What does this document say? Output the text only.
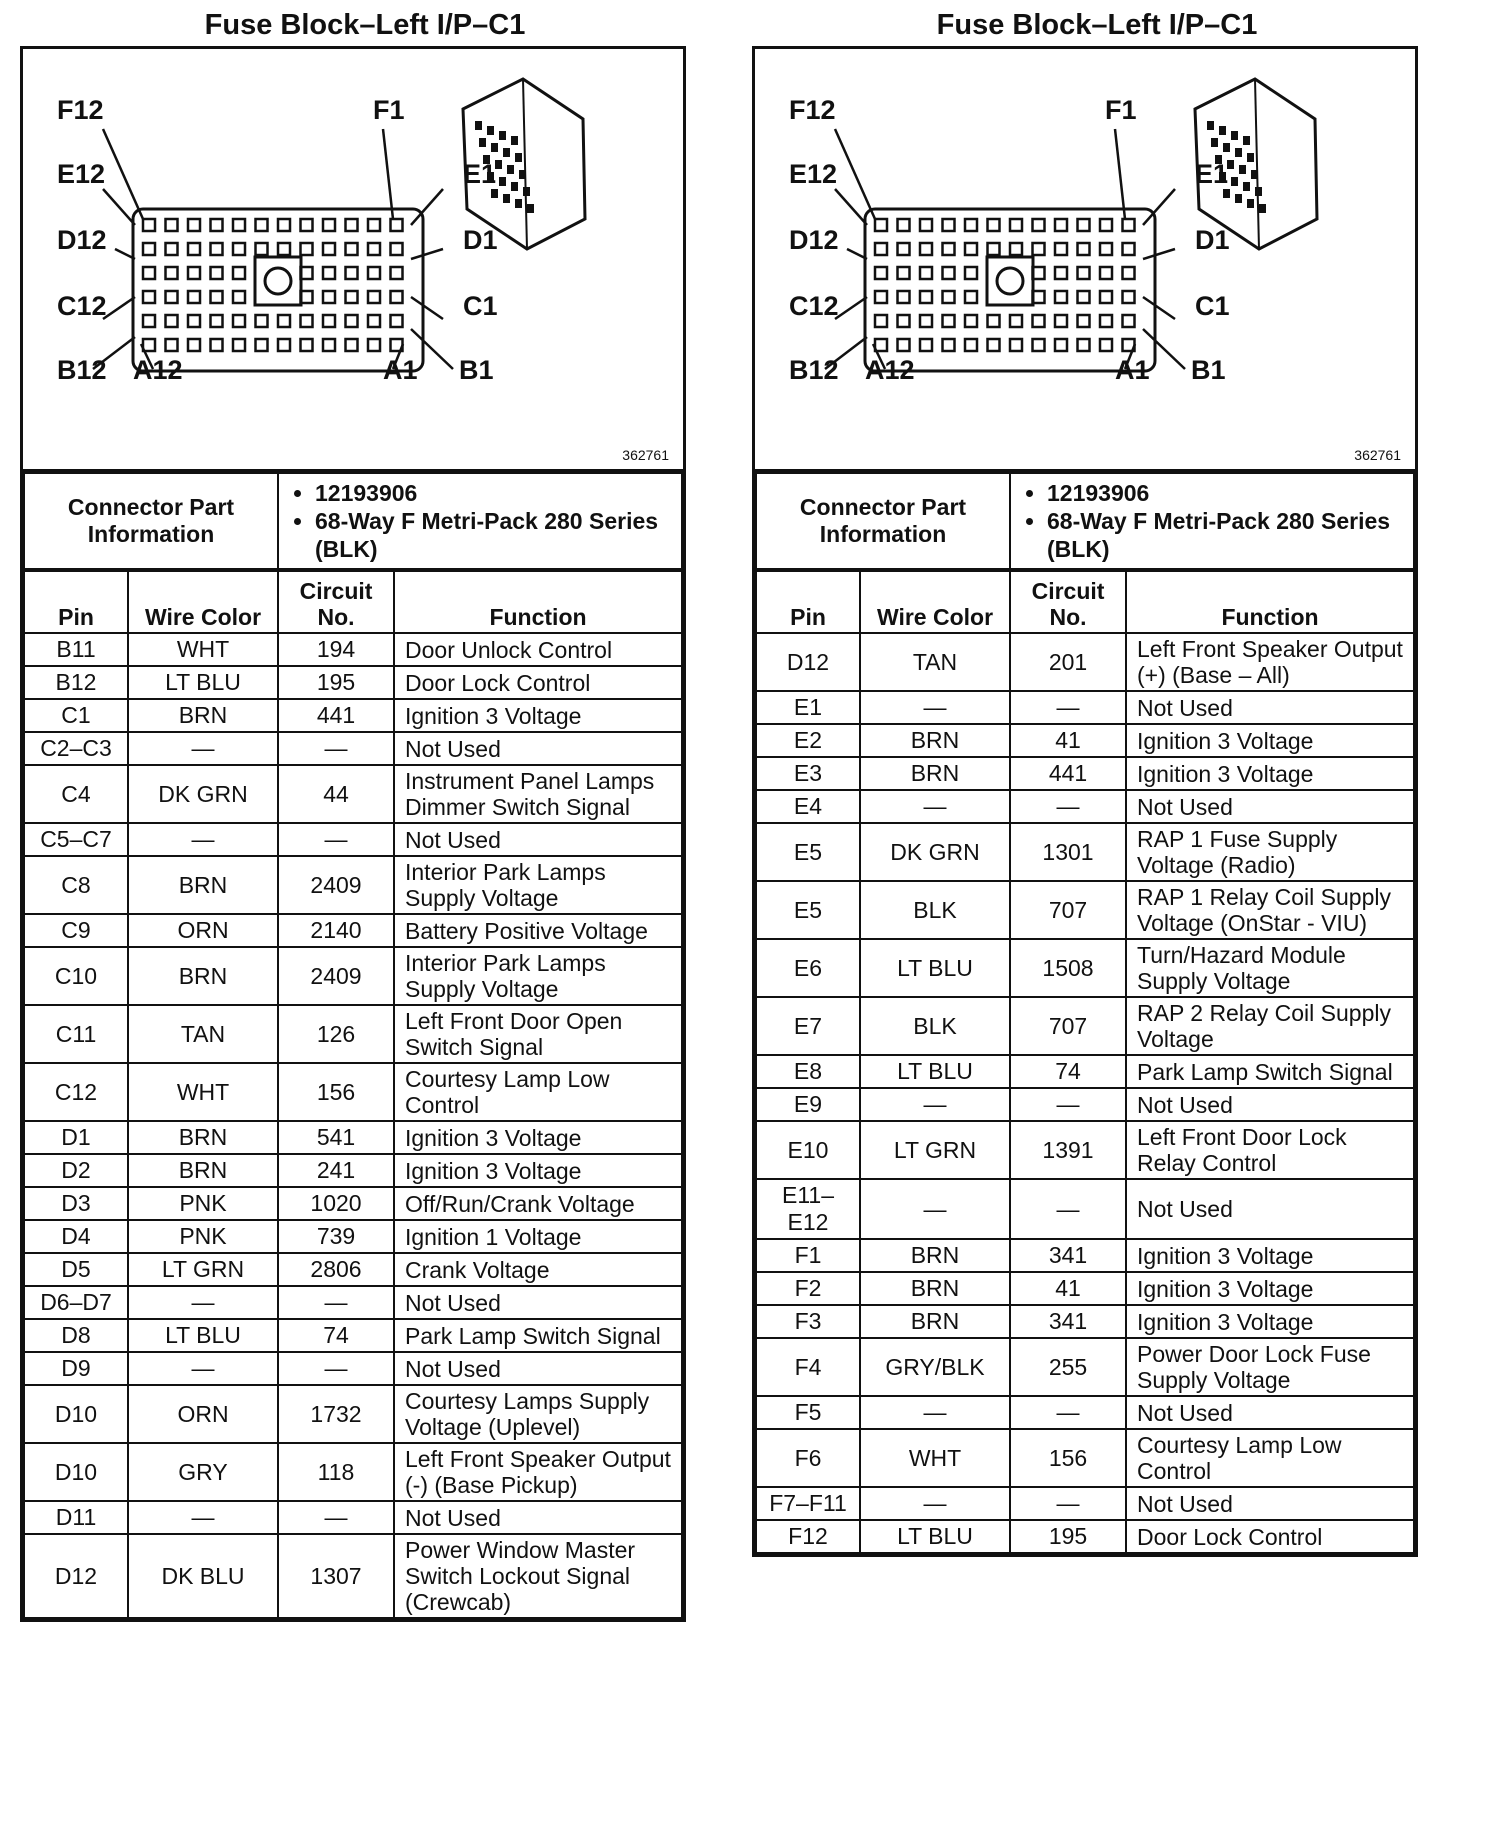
Fuse Block–Left I/P–C1
F12	F1
E12	E1
D12	D1
C12	C1
B12 A12	A1 B1
362761
Connector Part Information	
• 12193906
• 68-Way F Metri-Pack 280 Series (BLK)
Pin	Wire Color	Circuit No.	Function
B11	WHT	194	Door Unlock Control
B12	LT BLU	195	Door Lock Control
C1	BRN	441	Ignition 3 Voltage
C2–C3	—	—	Not Used
C4	DK GRN	44	Instrument Panel Lamps Dimmer Switch Signal
C5–C7	—	—	Not Used
C8	BRN	2409	Interior Park Lamps Supply Voltage
C9	ORN	2140	Battery Positive Voltage
C10	BRN	2409	Interior Park Lamps Supply Voltage
C11	TAN	126	Left Front Door Open Switch Signal
C12	WHT	156	Courtesy Lamp Low Control
D1	BRN	541	Ignition 3 Voltage
D2	BRN	241	Ignition 3 Voltage
D3	PNK	1020	Off/Run/Crank Voltage
D4	PNK	739	Ignition 1 Voltage
D5	LT GRN	2806	Crank Voltage
D6–D7	—	—	Not Used
D8	LT BLU	74	Park Lamp Switch Signal
D9	—	—	Not Used
D10	ORN	1732	Courtesy Lamps Supply Voltage (Uplevel)
D10	GRY	118	Left Front Speaker Output (-) (Base Pickup)
D11	—	—	Not Used
D12	DK BLU	1307	Power Window Master Switch Lockout Signal (Crewcab)
Fuse Block–Left I/P–C1
F12	F1
E12	E1
D12	D1
C12	C1
B12 A12	A1 B1
362761
Connector Part Information	
• 12193906
• 68-Way F Metri-Pack 280 Series (BLK)
Pin	Wire Color	Circuit No.	Function
D12	TAN	201	Left Front Speaker Output (+) (Base – All)
E1	—	—	Not Used
E2	BRN	41	Ignition 3 Voltage
E3	BRN	441	Ignition 3 Voltage
E4	—	—	Not Used
E5	DK GRN	1301	RAP 1 Fuse Supply Voltage (Radio)
E5	BLK	707	RAP 1 Relay Coil Supply Voltage (OnStar - VIU)
E6	LT BLU	1508	Turn/Hazard Module Supply Voltage
E7	BLK	707	RAP 2 Relay Coil Supply Voltage
E8	LT BLU	74	Park Lamp Switch Signal
E9	—	—	Not Used
E10	LT GRN	1391	Left Front Door Lock Relay Control
E11– E12	—	—	Not Used
F1	BRN	341	Ignition 3 Voltage
F2	BRN	41	Ignition 3 Voltage
F3	BRN	341	Ignition 3 Voltage
F4	GRY/BLK	255	Power Door Lock Fuse Supply Voltage
F5	—	—	Not Used
F6	WHT	156	Courtesy Lamp Low Control
F7–F11	—	—	Not Used
F12	LT BLU	195	Door Lock Control
